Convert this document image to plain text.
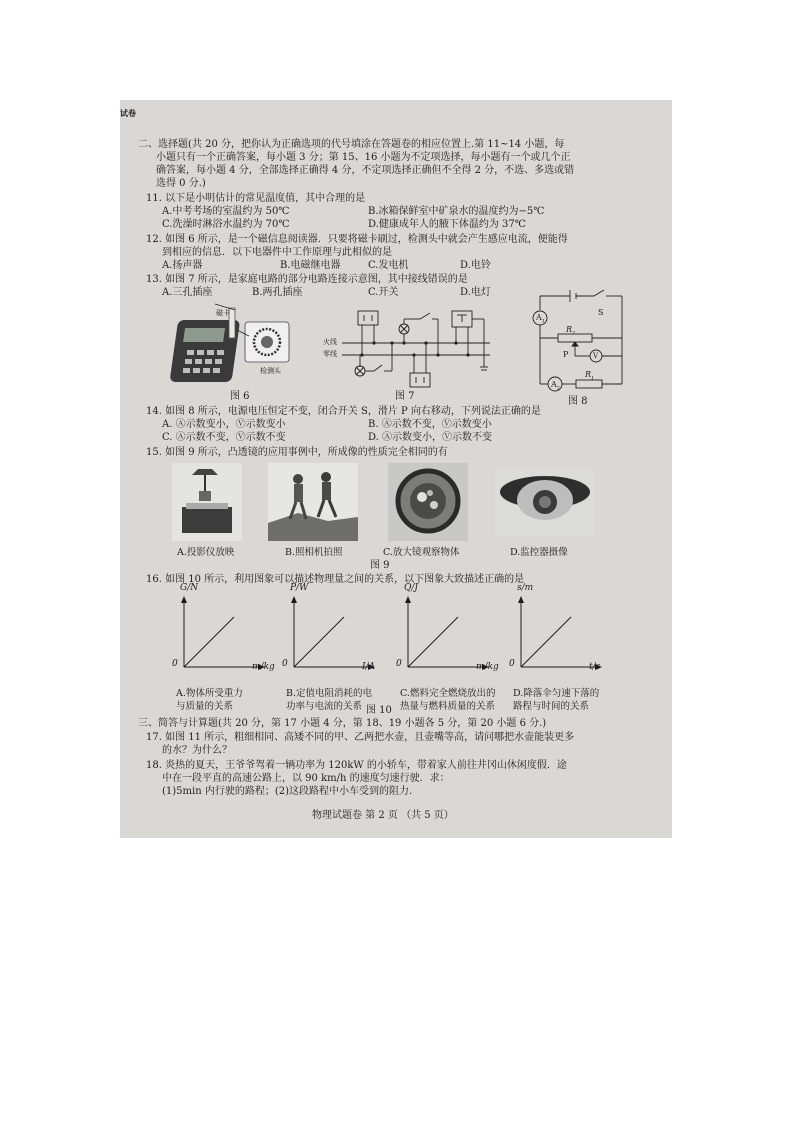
试卷
二、选择题(共 20 分，把你认为正确选项的代号填涂在答题卷的相应位置上.第 11~14 小题，每
小题只有一个正确答案，每小题 3 分；第 15、16 小题为不定项选择，每小题有一个或几个正
确答案，每小题 4 分，全部选择正确得 4 分，不定项选择正确但不全得 2 分，不选、多选或错
选得 0 分.)
11. 以下是小明估计的常见温度值，其中合理的是
A.中考考场的室温约为 50℃	B.冰箱保鲜室中矿泉水的温度约为−5℃
C.洗澡时淋浴水温约为 70℃	D.健康成年人的腋下体温约为 37℃
12. 如图 6 所示，是一个磁信息阅读器．只要将磁卡刷过，检测头中就会产生感应电流，便能得
到相应的信息．以下电器件中工作原理与此相似的是
A.扬声器	B.电磁继电器	C.发电机	D.电铃
13. 如图 7 所示，是家庭电路的部分电路连接示意图，其中接线错误的是
A.三孔插座	B.两孔插座	C.开关	D.电灯
磁卡
检测头
图 6
火线
零线
图 7
$A_1$
S
$R_2$
P	V
$A_2$
$R_1$
图 8
14. 如图 8 所示，电源电压恒定不变，闭合开关 S，滑片 P 向右移动，下列说法正确的是
A. Ⓐ示数变小，Ⓥ示数变小	B. Ⓐ示数不变，Ⓥ示数变小
C. Ⓐ示数不变，Ⓥ示数不变	D. Ⓐ示数变小，Ⓥ示数不变
15. 如图 9 所示，凸透镜的应用事例中，所成像的性质完全相同的有
A.投影仪放映	B.照相机拍照	C.放大镜观察物体	D.监控器摄像
图 9
16. 如图 10 所示，利用图象可以描述物理量之间的关系，以下图象大致描述正确的是
G/N
m/kg
0
A.物体所受重力
与质量的关系
P/W
I/A
0
B.定值电阻消耗的电
功率与电流的关系
Q/J
m/kg
0
C.燃料完全燃烧放出的
热量与燃料质量的关系
s/m
t/s
0
D.降落伞匀速下落的
路程与时间的关系
图 10
三、简答与计算题(共 20 分，第 17 小题 4 分，第 18、19 小题各 5 分，第 20 小题 6 分.)
17. 如图 11 所示，粗细相同、高矮不同的甲、乙两把水壶，且壶嘴等高，请问哪把水壶能装更多
的水？为什么？
18. 炎热的夏天，王爷爷驾着一辆功率为 120kW 的小轿车，带着家人前往井冈山休闲度假．途
中在一段平直的高速公路上，以 90 km/h 的速度匀速行驶．求：
(1)5min 内行驶的路程；(2)这段路程中小车受到的阻力.
物理试题卷 第 2 页 （共 5 页）
